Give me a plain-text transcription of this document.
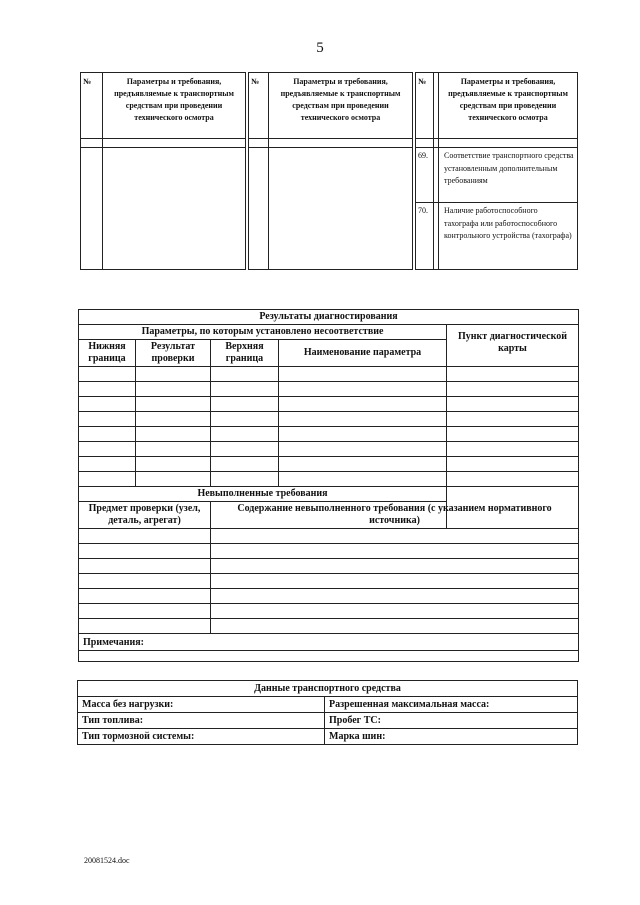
5
№	Параметры и требования, предъявляемые к транспортным средствам при проведении технического осмотра		№	Параметры и требования, предъявляемые к транспортным средствам при проведении технического осмотра		№		Параметры и требования, предъявляемые к транспортным средствам при проведении технического осмотра

						69.		Соответствие транспортного средства установленным дополнительным требованиям
						70.		Наличие работоспособного тахографа или работоспособного контрольного устройства (тахографа)
Результаты диагностирования				
Параметры, по которым установлено несоответствие				Пункт диагностической карты
Нижняя граница	Результат проверки	Верхняя граница	Наименование параметра	

Невыполненные требования				
Предмет проверки (узел, деталь, агрегат)		Содержание невыполненного требования (с указанием нормативного источника)		

Примечания:				

Данные транспортного средства	
Масса без нагрузки:	Разрешенная максимальная масса:
Тип топлива:	Пробег ТС:
Тип тормозной системы:	Марка шин:
20081524.doc
